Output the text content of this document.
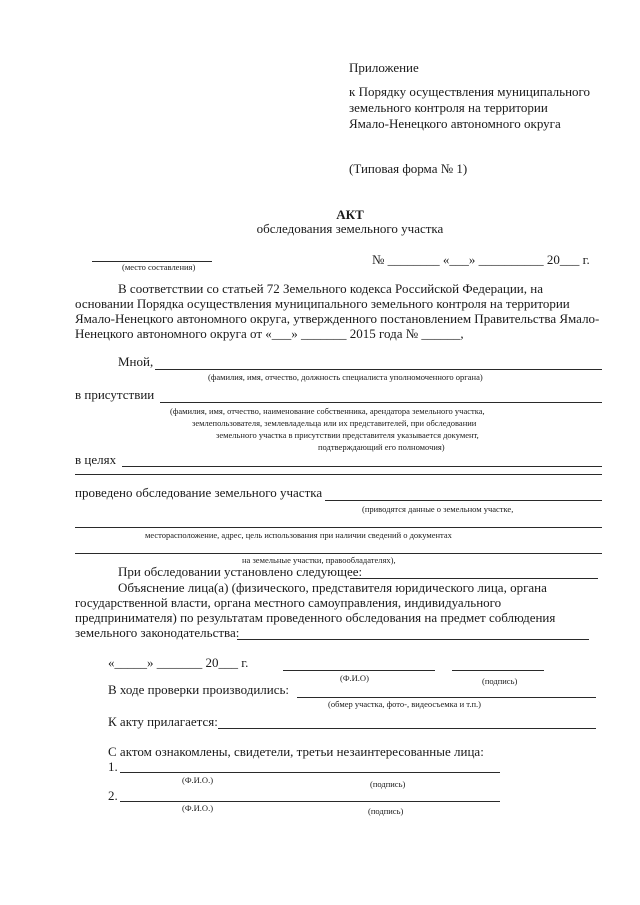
Приложение
к Порядку осуществления муниципального
земельного контроля на территории
Ямало-Ненецкого автономного округа
(Типовая форма № 1)
АКТ
обследования земельного участка
(место составления)	№ ________ «___» __________ 20___ г.
В соответствии со статьей 72 Земельного кодекса Российской Федерации, на
основании Порядка осуществления муниципального земельного контроля на территории
Ямало-Ненецкого автономного округа, утвержденного постановлением Правительства Ямало-
Ненецкого автономного округа от «___» _______ 2015 года № ______,
Мной,
(фамилия, имя, отчество, должность специалиста уполномоченного органа)
в присутствии
(фамилия, имя, отчество, наименование собственника, арендатора земельного участка,
землепользователя, землевладельца или их представителей, при обследовании
земельного участка в присутствии представителя указывается документ,
подтверждающий его полномочия)
в целях
проведено обследование земельного участка
(приводятся данные о земельном участке,
месторасположение, адрес, цель использования при наличии сведений о документах
на земельные участки, правообладателях),
При обследовании установлено следующее:
Объяснение лица(а) (физического, представителя юридического лица, органа
государственной власти, органа местного самоуправления, индивидуального
предпринимателя) по результатам проведенного обследования на предмет соблюдения
земельного законодательства:
«_____» _______ 20___ г.
(Ф.И.О)	(подпись)
В ходе проверки производились:
(обмер участка, фото-, видеосъемка и т.п.)
К акту прилагается:
С актом ознакомлены, свидетели, третьи незаинтересованные лица:
1.
(Ф.И.О.)	(подпись)
2.
(Ф.И.О.)	(подпись)
